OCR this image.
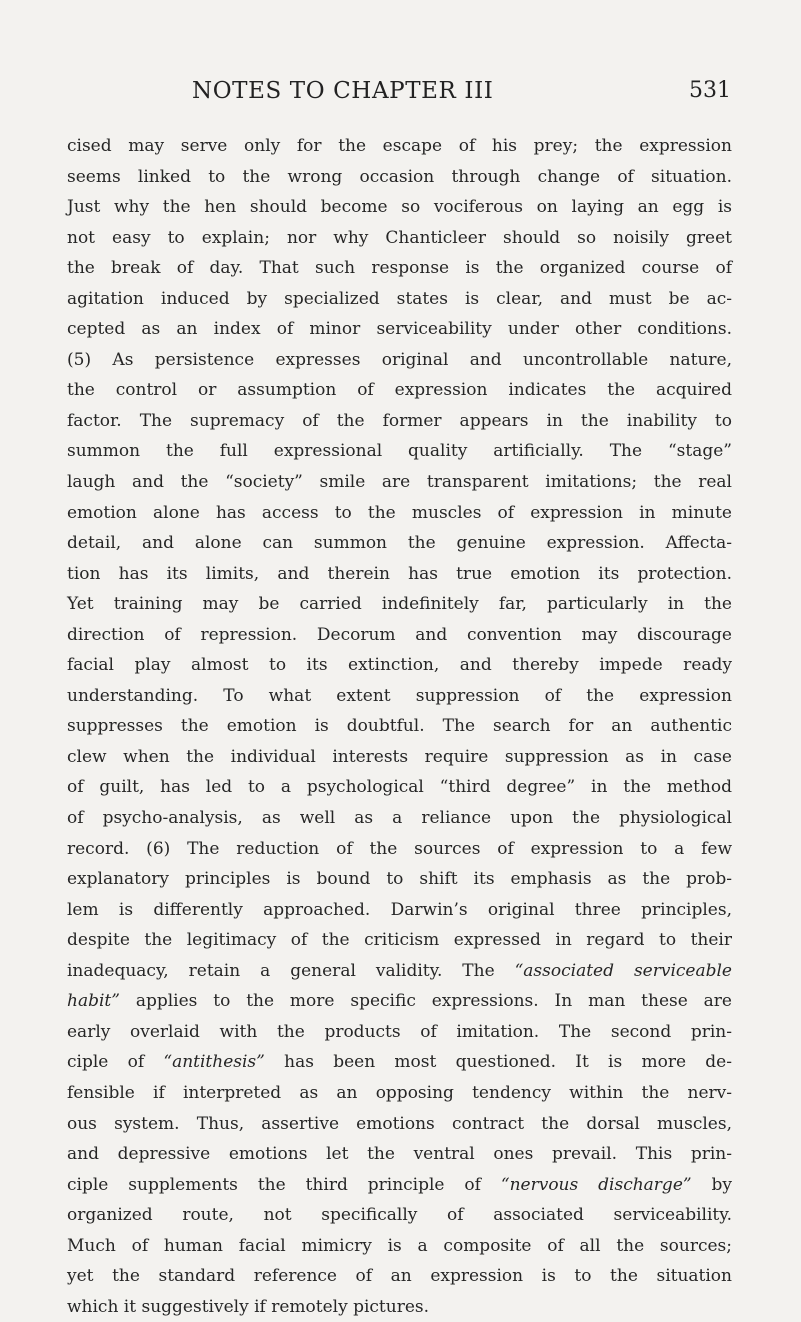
NOTES TO CHAPTER III	531
cised may serve only for the escape of his prey; the expression
seems linked to the wrong occasion through change of situation.
Just why the hen should become so vociferous on laying an egg is
not easy to explain; nor why Chanticleer should so noisily greet
the break of day. That such response is the organized course of
agitation induced by specialized states is clear, and must be ac-
cepted as an index of minor serviceability under other conditions.
(5) As persistence expresses original and uncontrollable nature,
the control or assumption of expression indicates the acquired
factor. The supremacy of the former appears in the inability to
summon the full expressional quality artificially. The “stage”
laugh and the “society” smile are transparent imitations; the real
emotion alone has access to the muscles of expression in minute
detail, and alone can summon the genuine expression. Affecta-
tion has its limits, and therein has true emotion its protection.
Yet training may be carried indefinitely far, particularly in the
direction of repression. Decorum and convention may discourage
facial play almost to its extinction, and thereby impede ready
understanding. To what extent suppression of the expression
suppresses the emotion is doubtful. The search for an authentic
clew when the individual interests require suppression as in case
of guilt, has led to a psychological “third degree” in the method
of psycho-analysis, as well as a reliance upon the physiological
record. (6) The reduction of the sources of expression to a few
explanatory principles is bound to shift its emphasis as the prob-
lem is differently approached. Darwin’s original three principles,
despite the legitimacy of the criticism expressed in regard to their
inadequacy, retain a general validity. The “associated serviceable
habit” applies to the more specific expressions. In man these are
early overlaid with the products of imitation. The second prin-
ciple of “antithesis” has been most questioned. It is more de-
fensible if interpreted as an opposing tendency within the nerv-
ous system. Thus, assertive emotions contract the dorsal muscles,
and depressive emotions let the ventral ones prevail. This prin-
ciple supplements the third principle of “nervous discharge” by
organized route, not specifically of associated serviceability.
Much of human facial mimicry is a composite of all the sources;
yet the standard reference of an expression is to the situation
which it suggestively if remotely pictures.
